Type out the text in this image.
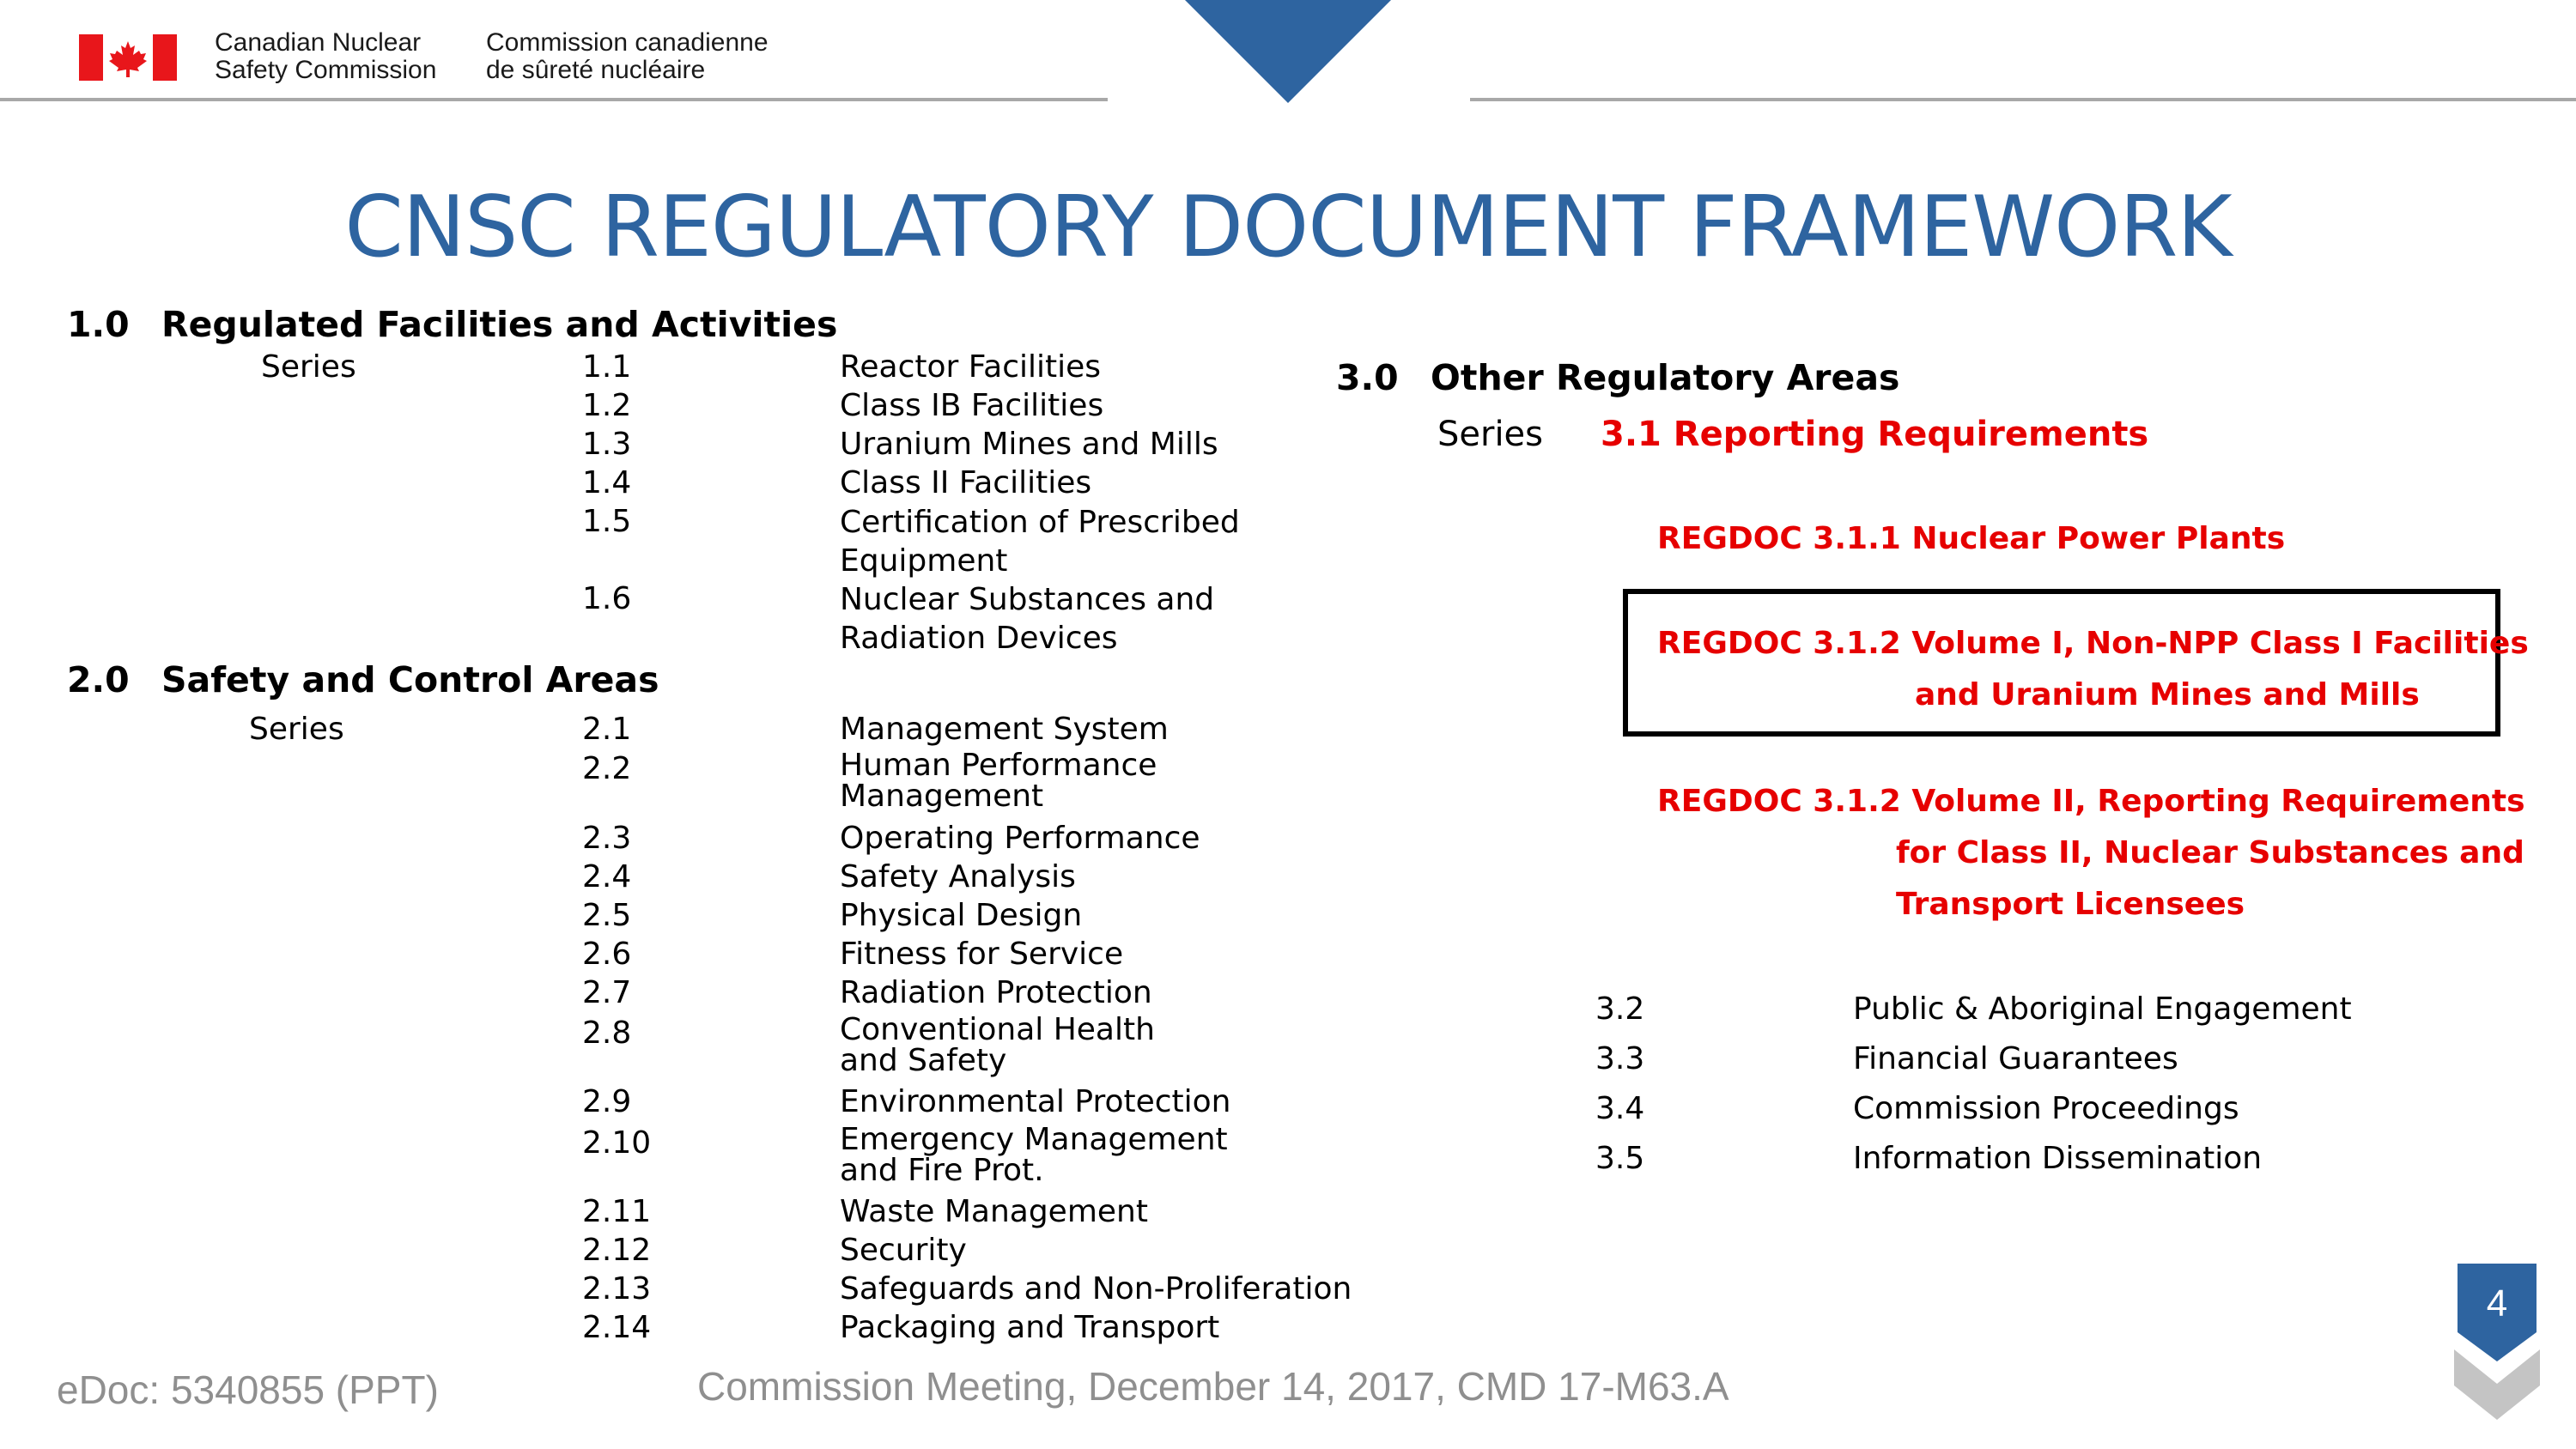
Canadian Nuclear
Safety Commission
Commission canadienne
de sûreté nucléaire
CNSC REGULATORY DOCUMENT FRAMEWORK
1.0 Regulated Facilities and Activities
Series	1.1	Reactor Facilities
1.2	Class IB Facilities
1.3	Uranium Mines and Mills
1.4	Class II Facilities
1.5	Certification of Prescribed Equipment
1.6	Nuclear Substances and Radiation Devices
2.0 Safety and Control Areas
Series	2.1	Management System
2.2	Human Performance Management
2.3	Operating Performance
2.4	Safety Analysis
2.5	Physical Design
2.6	Fitness for Service
2.7	Radiation Protection
2.8	Conventional Health and Safety
2.9	Environmental Protection
2.10	Emergency Management and Fire Prot.
2.11	Waste Management
2.12	Security
2.13	Safeguards and Non-Proliferation
2.14	Packaging and Transport
3.0 Other Regulatory Areas
Series 3.1 Reporting Requirements
REGDOC 3.1.1 Nuclear Power Plants
REGDOC 3.1.2 Volume I, Non-NPP Class I Facilities
and Uranium Mines and Mills
REGDOC 3.1.2 Volume II, Reporting Requirements
for Class II, Nuclear Substances and
Transport Licensees
3.2	Public & Aboriginal Engagement
3.3	Financial Guarantees
3.4	Commission Proceedings
3.5	Information Dissemination
eDoc: 5340855 (PPT)	Commission Meeting, December 14, 2017, CMD 17-M63.A
4
